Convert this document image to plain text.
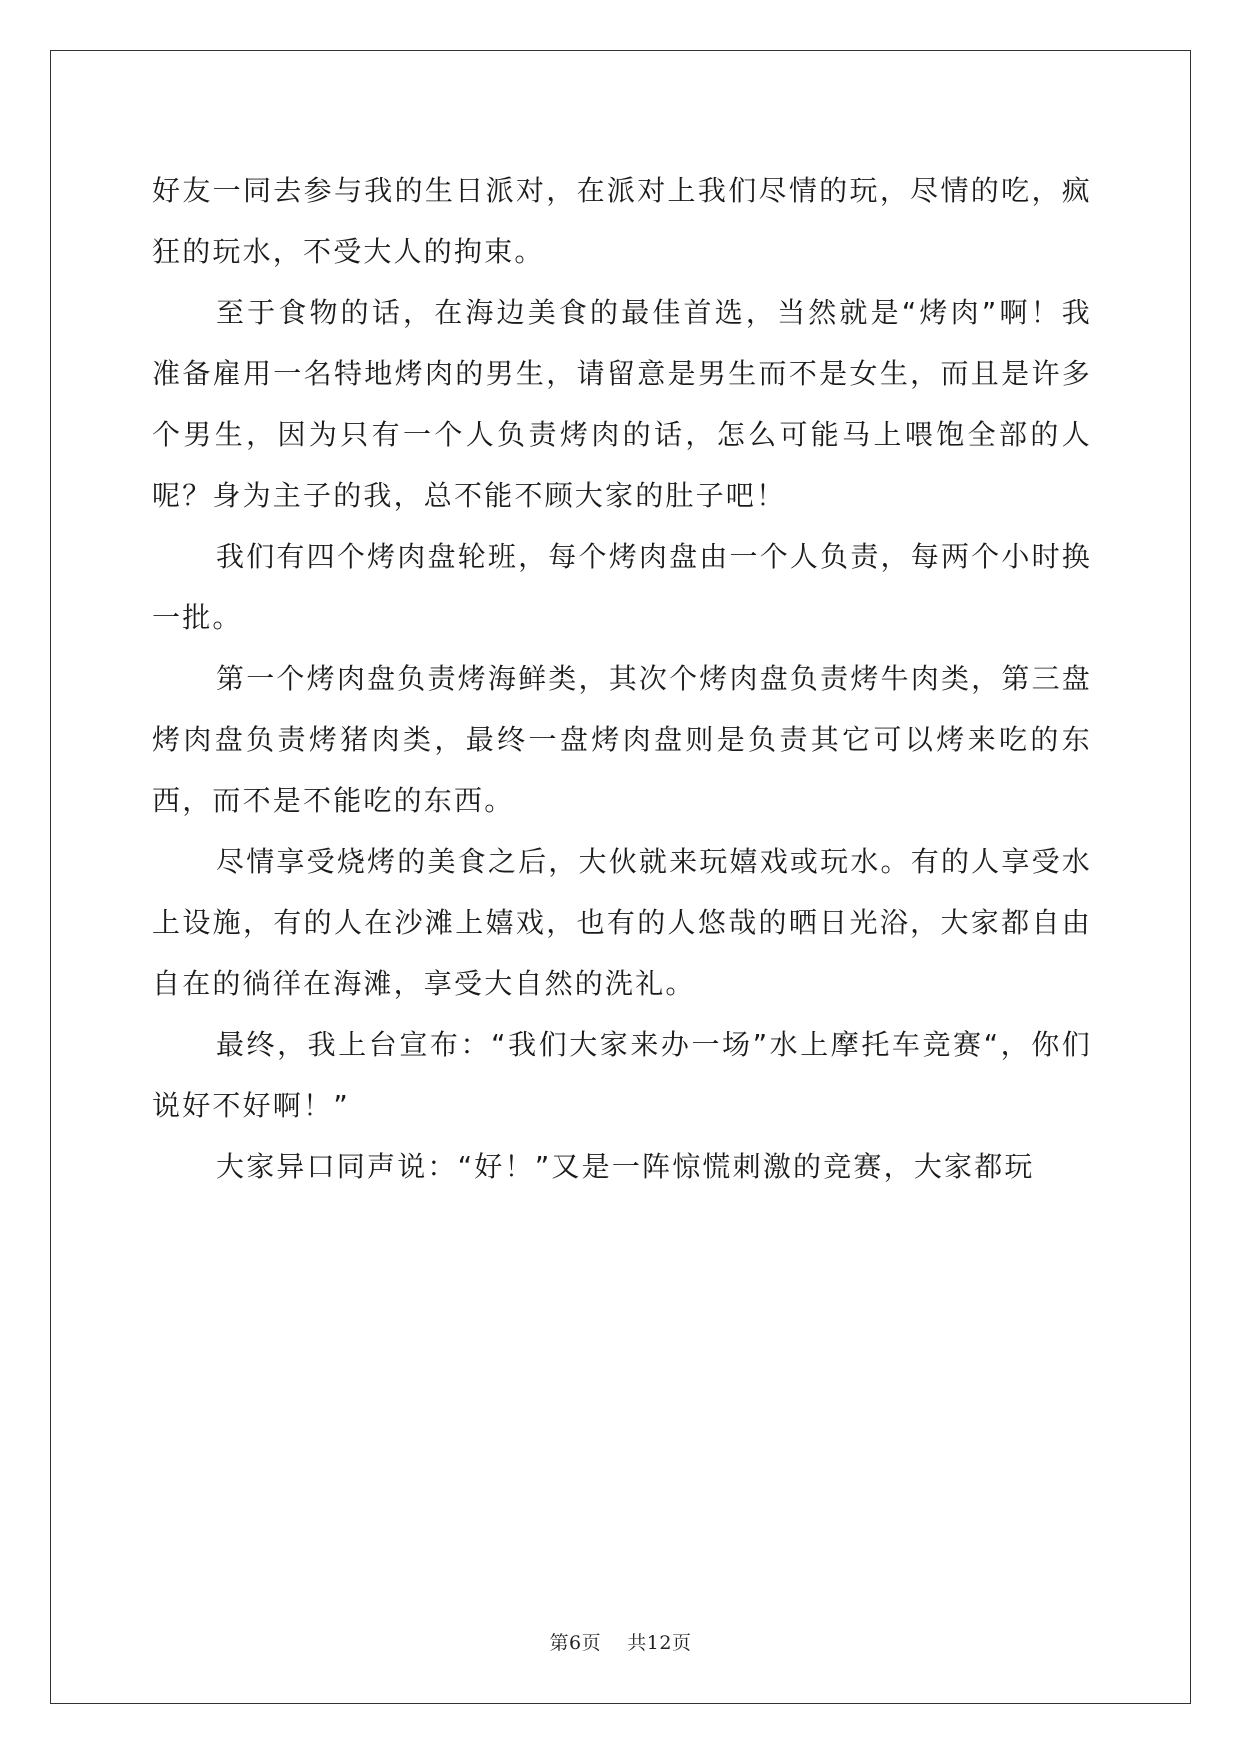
好友一同去参与我的生日派对，在派对上我们尽情的玩，尽情的吃，疯狂的玩水，不受大人的拘束。

至于食物的话，在海边美食的最佳首选，当然就是“烤肉”啊！我准备雇用一名特地烤肉的男生，请留意是男生而不是女生，而且是许多个男生，因为只有一个人负责烤肉的话，怎么可能马上喂饱全部的人呢？身为主子的我，总不能不顾大家的肚子吧！

我们有四个烤肉盘轮班，每个烤肉盘由一个人负责，每两个小时换一批。

第一个烤肉盘负责烤海鲜类，其次个烤肉盘负责烤牛肉类，第三盘烤肉盘负责烤猪肉类，最终一盘烤肉盘则是负责其它可以烤来吃的东西，而不是不能吃的东西。

尽情享受烧烤的美食之后，大伙就来玩嬉戏或玩水。有的人享受水上设施，有的人在沙滩上嬉戏，也有的人悠哉的晒日光浴，大家都自由自在的徜徉在海滩，享受大自然的洗礼。

最终，我上台宣布：“我们大家来办一场”水上摩托车竞赛“，你们说好不好啊！”

大家异口同声说：“好！”又是一阵惊慌刺激的竞赛，大家都玩

第6页 共12页
